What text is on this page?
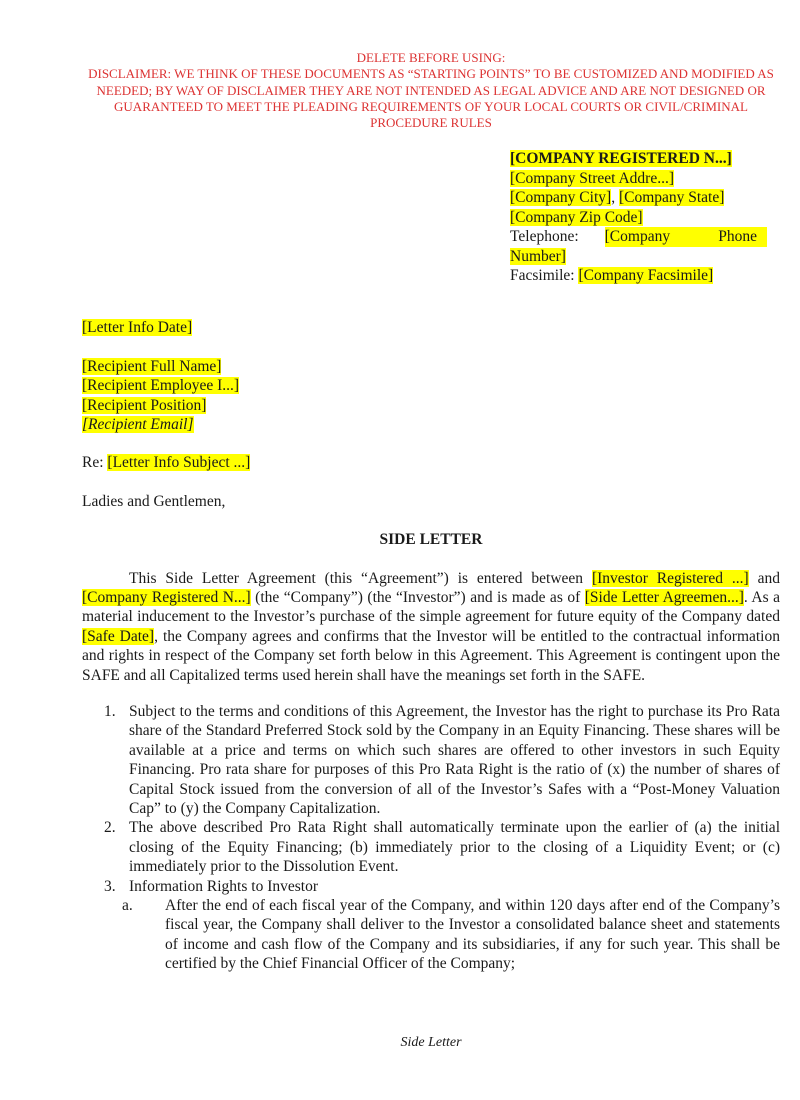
DELETE BEFORE USING:
DISCLAIMER: WE THINK OF THESE DOCUMENTS AS “STARTING POINTS” TO BE CUSTOMIZED AND MODIFIED AS NEEDED; BY WAY OF DISCLAIMER THEY ARE NOT INTENDED AS LEGAL ADVICE AND ARE NOT DESIGNED OR GUARANTEED TO MEET THE PLEADING REQUIREMENTS OF YOUR LOCAL COURTS OR CIVIL/CRIMINAL PROCEDURE RULES
[COMPANY REGISTERED N...]
[Company Street Addre...]
[Company City], [Company State]
[Company Zip Code]
Telephone: [Company	Phone
Number]
Facsimile: [Company Facsimile]
[Letter Info Date]
[Recipient Full Name]
[Recipient Employee I...]
[Recipient Position]
[Recipient Email]
Re: [Letter Info Subject ...]
Ladies and Gentlemen,
SIDE LETTER
This Side Letter Agreement (this “Agreement”) is entered between [Investor Registered ...] and [Company Registered N...] (the “Company”) (the “Investor”) and is made as of [Side Letter Agreemen...]. As a material inducement to the Investor’s purchase of the simple agreement for future equity of the Company dated [Safe Date], the Company agrees and confirms that the Investor will be entitled to the contractual information and rights in respect of the Company set forth below in this Agreement. This Agreement is contingent upon the SAFE and all Capitalized terms used herein shall have the meanings set forth in the SAFE.
1. Subject to the terms and conditions of this Agreement, the Investor has the right to purchase its Pro Rata share of the Standard Preferred Stock sold by the Company in an Equity Financing. These shares will be available at a price and terms on which such shares are offered to other investors in such Equity Financing. Pro rata share for purposes of this Pro Rata Right is the ratio of (x) the number of shares of Capital Stock issued from the conversion of all of the Investor’s Safes with a “Post-Money Valuation Cap” to (y) the Company Capitalization.
2. The above described Pro Rata Right shall automatically terminate upon the earlier of (a) the initial closing of the Equity Financing; (b) immediately prior to the closing of a Liquidity Event; or (c) immediately prior to the Dissolution Event.
3. Information Rights to Investor
a.	After the end of each fiscal year of the Company, and within 120 days after end of the Company’s fiscal year, the Company shall deliver to the Investor a consolidated balance sheet and statements of income and cash flow of the Company and its subsidiaries, if any for such year. This shall be certified by the Chief Financial Officer of the Company;
Side Letter
